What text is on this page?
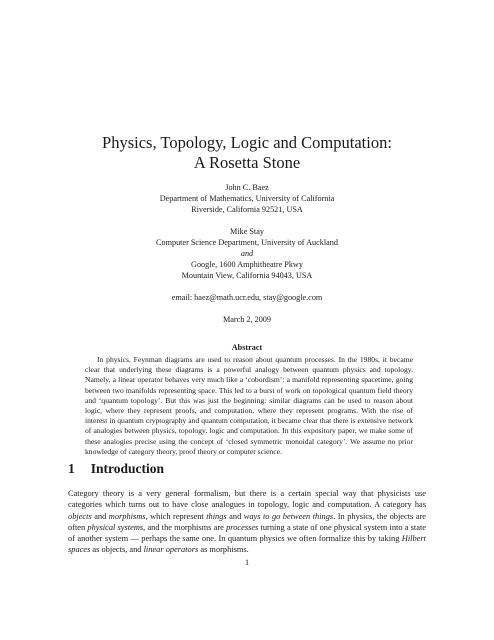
Physics, Topology, Logic and Computation:
A Rosetta Stone
John C. Baez
Department of Mathematics, University of California
Riverside, California 92521, USA
Mike Stay
Computer Science Department, University of Auckland
and
Google, 1600 Amphitheatre Pkwy
Mountain View, California 94043, USA
email: baez@math.ucr.edu, stay@google.com
March 2, 2009
Abstract
In physics, Feynman diagrams are used to reason about quantum processes. In the 1980s, it became clear that underlying these diagrams is a powerful analogy between quantum physics and topology. Namely, a linear operator behaves very much like a ‘cobordism’: a manifold representing spacetime, going between two manifolds representing space. This led to a burst of work on topological quantum field theory and ‘quantum topology’. But this was just the beginning: similar diagrams can be used to reason about logic, where they represent proofs, and computation, where they represent programs. With the rise of interest in quantum cryptography and quantum computation, it became clear that there is extensive network of analogies between physics, topology, logic and computation. In this expository paper, we make some of these analogies precise using the concept of ‘closed symmetric monoidal category’. We assume no prior knowledge of category theory, proof theory or computer science.
1 Introduction
Category theory is a very general formalism, but there is a certain special way that physicists use categories which turns out to have close analogues in topology, logic and computation. A category has objects and morphisms, which represent things and ways to go between things. In physics, the objects are often physical systems, and the morphisms are processes turning a state of one physical system into a state of another system — perhaps the same one. In quantum physics we often formalize this by taking Hilbert spaces as objects, and linear operators as morphisms.
1
